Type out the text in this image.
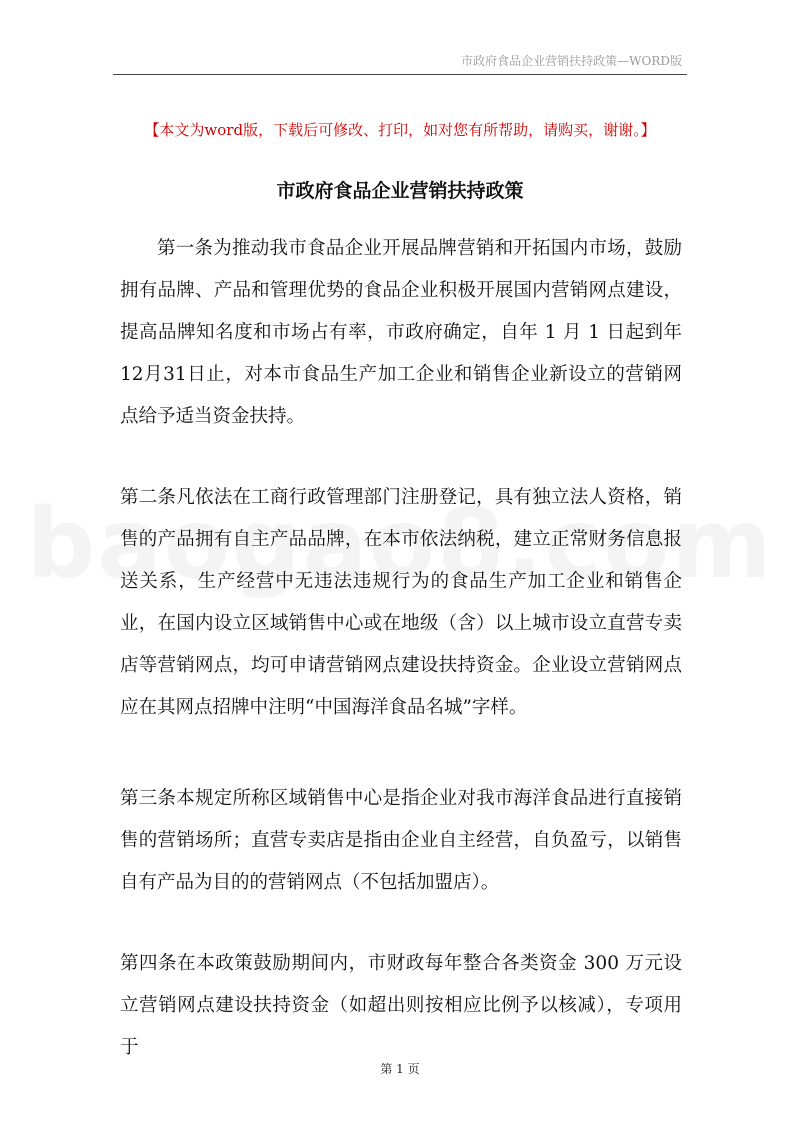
市政府食品企业营销扶持政策—WORD版
【本文为word版，下载后可修改、打印，如对您有所帮助，请购买，谢谢。】
市政府食品企业营销扶持政策

第一条为推动我市食品企业开展品牌营销和开拓国内市场，鼓励拥有品牌、产品和管理优势的食品企业积极开展国内营销网点建设，提高品牌知名度和市场占有率，市政府确定，自年 1 月 1 日起到年 12月31日止，对本市食品生产加工企业和销售企业新设立的营销网点给予适当资金扶持。

第二条凡依法在工商行政管理部门注册登记，具有独立法人资格，销售的产品拥有自主产品品牌，在本市依法纳税，建立正常财务信息报送关系，生产经营中无违法违规行为的食品生产加工企业和销售企业，在国内设立区域销售中心或在地级（含）以上城市设立直营专卖店等营销网点，均可申请营销网点建设扶持资金。企业设立营销网点应在其网点招牌中注明“中国海洋食品名城”字样。

第三条本规定所称区域销售中心是指企业对我市海洋食品进行直接销售的营销场所；直营专卖店是指由企业自主经营，自负盈亏，以销售自有产品为目的的营销网点（不包括加盟店）。

第四条在本政策鼓励期间内，市财政每年整合各类资金 300 万元设立营销网点建设扶持资金（如超出则按相应比例予以核减），专项用于

第 1 页
